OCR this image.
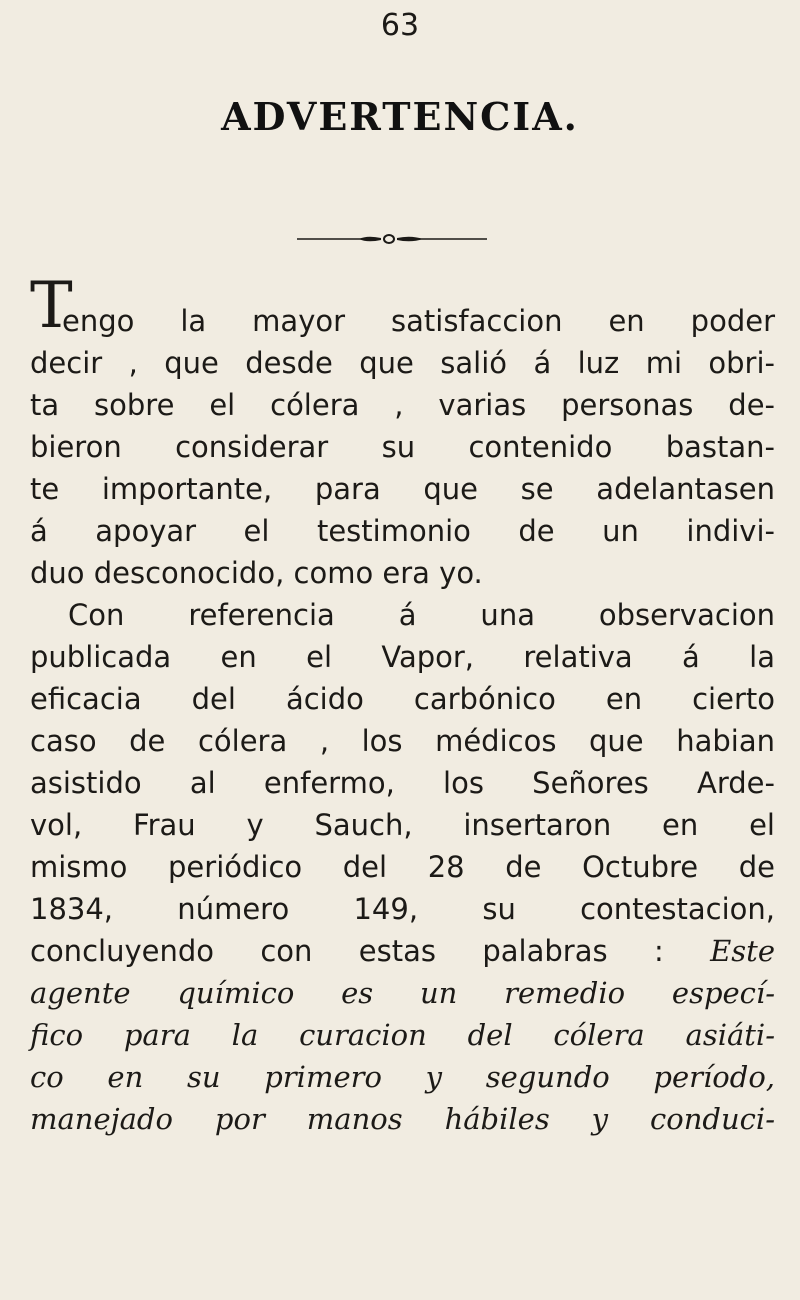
63
ADVERTENCIA.
T
engo la mayor satisfaccion en poder
decir , que desde que salió á luz mi obri-
ta sobre el cólera , varias personas de-
bieron considerar su contenido bastan-
te importante, para que se adelantasen
á apoyar el testimonio de un indivi-
duo desconocido, como era yo.
Con referencia á una observacion
publicada en el Vapor, relativa á la
eficacia del ácido carbónico en cierto
caso de cólera , los médicos que habian
asistido al enfermo, los Señores Arde-
vol, Frau y Sauch, insertaron en el
mismo periódico del 28 de Octubre de
1834, número 149, su contestacion,
concluyendo con estas palabras : Este
agente químico es un remedio especí-
fico para la curacion del cólera asiáti-
co en su primero y segundo período,
manejado por manos hábiles y conduci-
